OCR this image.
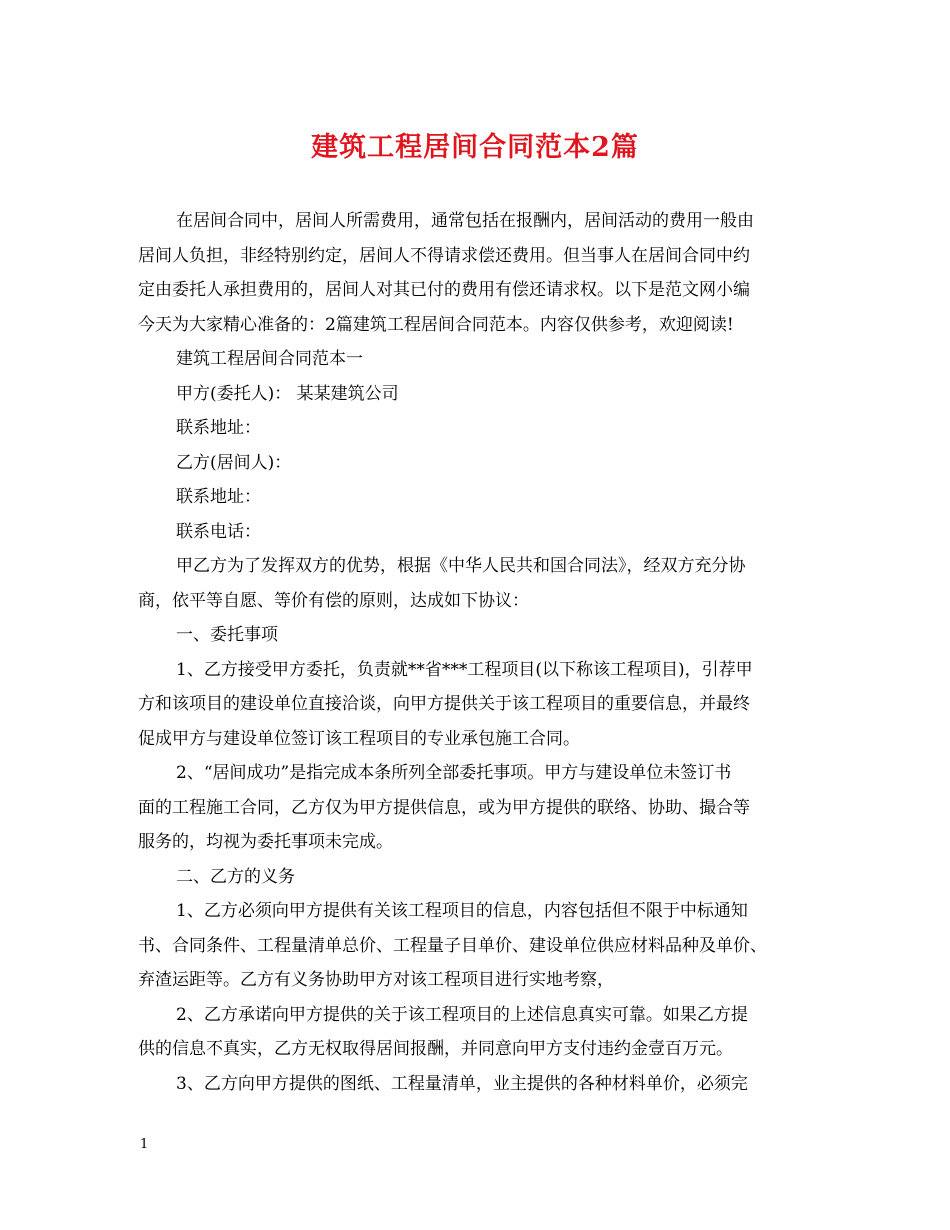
建筑工程居间合同范本2篇
在居间合同中，居间人所需费用，通常包括在报酬内，居间活动的费用一般由
居间人负担，非经特别约定，居间人不得请求偿还费用。但当事人在居间合同中约
定由委托人承担费用的，居间人对其已付的费用有偿还请求权。以下是范文网小编
今天为大家精心准备的：2篇建筑工程居间合同范本。内容仅供参考，欢迎阅读!
建筑工程居间合同范本一
甲方(委托人)： 某某建筑公司
联系地址：
乙方(居间人)：
联系地址：
联系电话：
甲乙方为了发挥双方的优势，根据《中华人民共和国合同法》，经双方充分协
商，依平等自愿、等价有偿的原则，达成如下协议：
一、委托事项
1、乙方接受甲方委托，负责就**省***工程项目(以下称该工程项目)，引荐甲
方和该项目的建设单位直接洽谈，向甲方提供关于该工程项目的重要信息，并最终
促成甲方与建设单位签订该工程项目的专业承包施工合同。
2、“居间成功”是指完成本条所列全部委托事项。甲方与建设单位未签订书
面的工程施工合同，乙方仅为甲方提供信息，或为甲方提供的联络、协助、撮合等
服务的，均视为委托事项未完成。
二、乙方的义务
1、乙方必须向甲方提供有关该工程项目的信息，内容包括但不限于中标通知
书、合同条件、工程量清单总价、工程量子目单价、建设单位供应材料品种及单价、
弃渣运距等。乙方有义务协助甲方对该工程项目进行实地考察，
2、乙方承诺向甲方提供的关于该工程项目的上述信息真实可靠。如果乙方提
供的信息不真实，乙方无权取得居间报酬，并同意向甲方支付违约金壹百万元。
3、乙方向甲方提供的图纸、工程量清单，业主提供的各种材料单价，必须完
1
